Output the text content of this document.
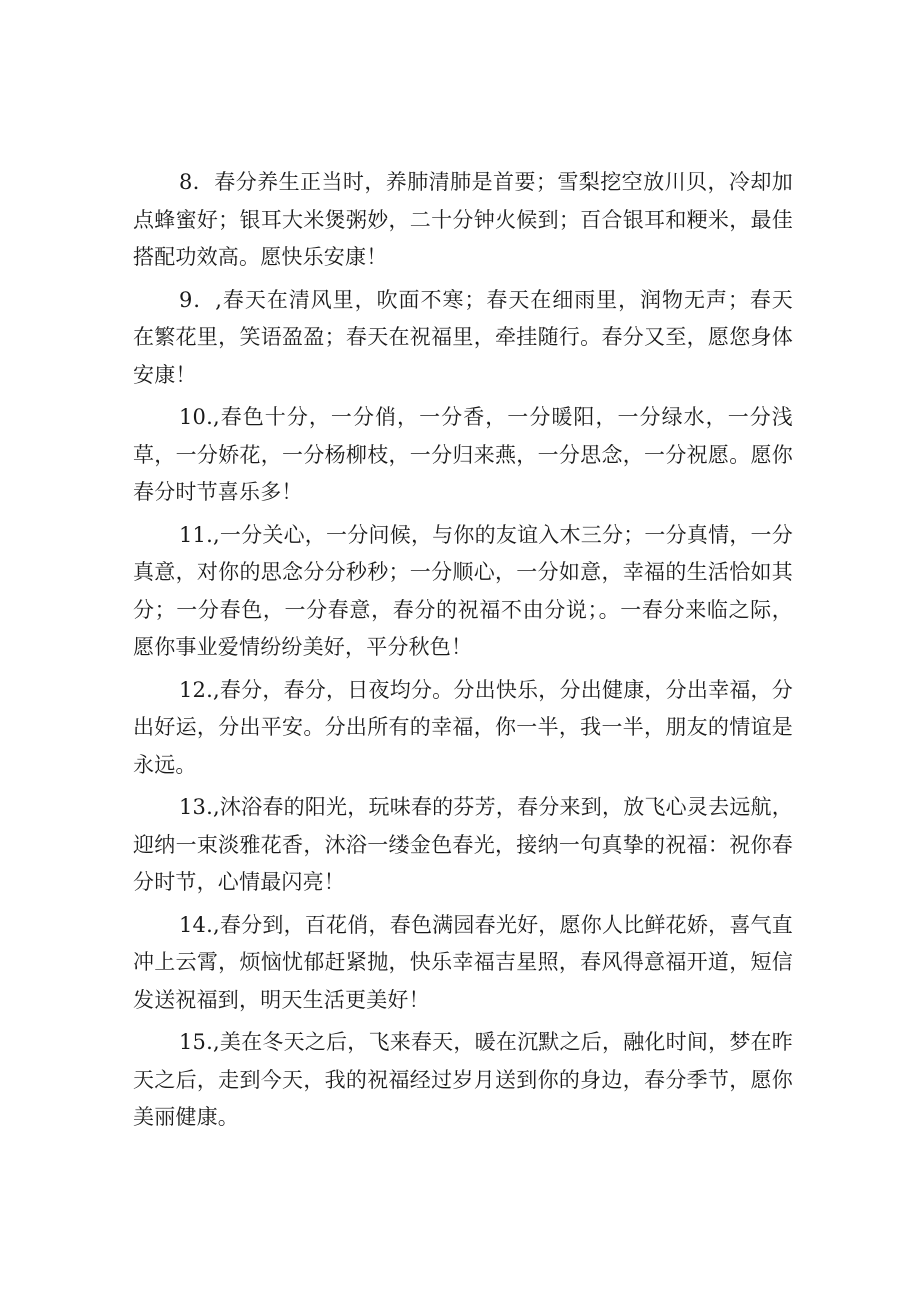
8．春分养生正当时，养肺清肺是首要；雪梨挖空放川贝，冷却加点蜂蜜好；银耳大米煲粥妙，二十分钟火候到；百合银耳和粳米，最佳搭配功效高。愿快乐安康！

9．,春天在清风里，吹面不寒；春天在细雨里，润物无声；春天在繁花里，笑语盈盈；春天在祝福里，牵挂随行。春分又至，愿您身体安康！

10.,春色十分，一分俏，一分香，一分暖阳，一分绿水，一分浅草，一分娇花，一分杨柳枝，一分归来燕，一分思念，一分祝愿。愿你春分时节喜乐多！

11.,一分关心，一分问候，与你的友谊入木三分；一分真情，一分真意，对你的思念分分秒秒；一分顺心，一分如意，幸福的生活恰如其分；一分春色，一分春意，春分的祝福不由分说；。一春分来临之际，愿你事业爱情纷纷美好，平分秋色！

12.,春分，春分，日夜均分。分出快乐，分出健康，分出幸福，分出好运，分出平安。分出所有的幸福，你一半，我一半，朋友的情谊是永远。

13.,沐浴春的阳光，玩味春的芬芳，春分来到，放飞心灵去远航，迎纳一束淡雅花香，沐浴一缕金色春光，接纳一句真挚的祝福：祝你春分时节，心情最闪亮！

14.,春分到，百花俏，春色满园春光好，愿你人比鲜花娇，喜气直冲上云霄，烦恼忧郁赶紧抛，快乐幸福吉星照，春风得意福开道，短信发送祝福到，明天生活更美好！

15.,美在冬天之后，飞来春天，暖在沉默之后，融化时间，梦在昨天之后，走到今天，我的祝福经过岁月送到你的身边，春分季节，愿你美丽健康。
